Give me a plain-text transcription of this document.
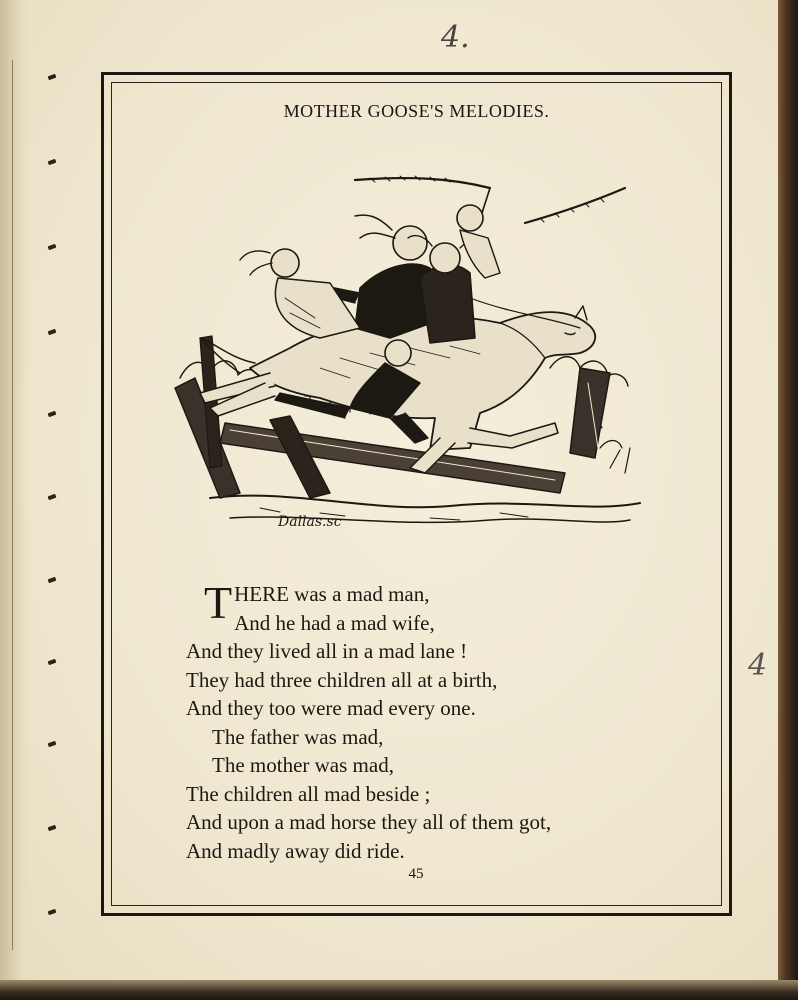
4.
4
MOTHER GOOSE'S MELODIES.
Dallas.sc
T HERE was a mad man,
And he had a mad wife,
And they lived all in a mad lane !
They had three children all at a birth,
And they too were mad every one.
The father was mad,
The mother was mad,
The children all mad beside ;
And upon a mad horse they all of them got,
And madly away did ride.
45
